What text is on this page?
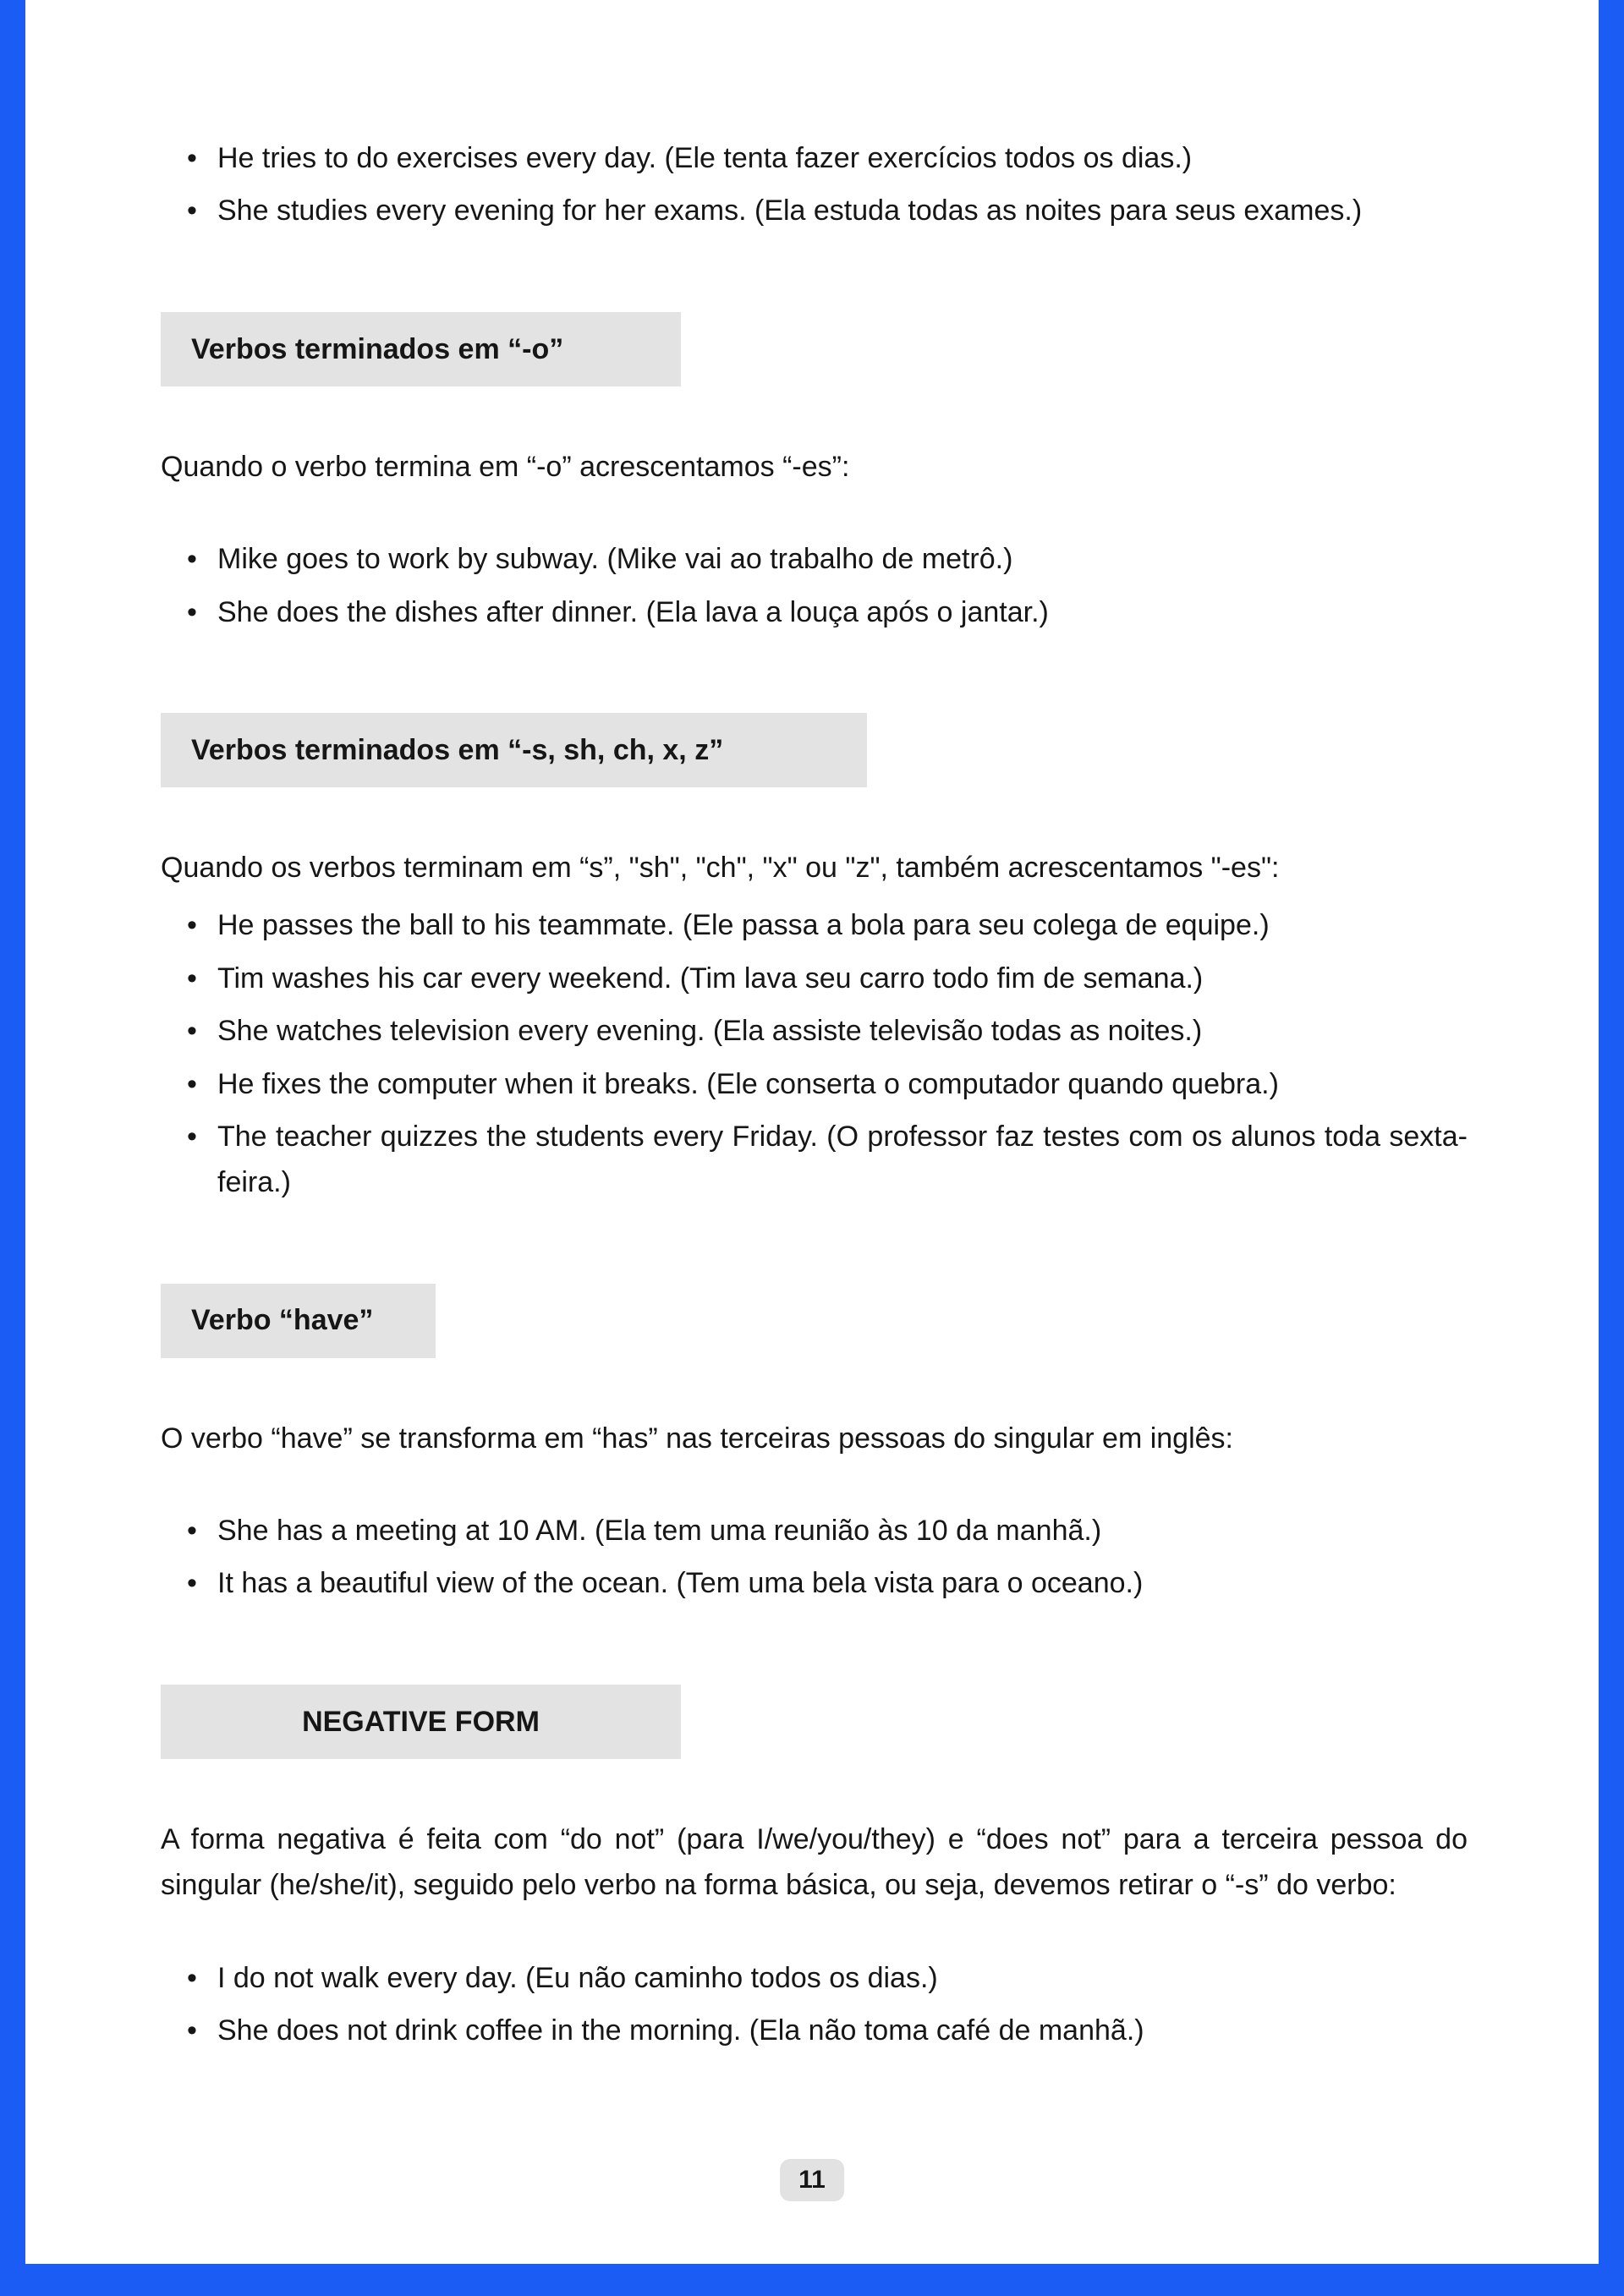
• He tries to do exercises every day. (Ele tenta fazer exercícios todos os dias.)
• She studies every evening for her exams. (Ela estuda todas as noites para seus exames.)
Verbos terminados em “-o”

Quando o verbo termina em “-o” acrescentamos “-es”:

• Mike goes to work by subway. (Mike vai ao trabalho de metrô.)
• She does the dishes after dinner. (Ela lava a louça após o jantar.)
Verbos terminados em “-s, sh, ch, x, z”

Quando os verbos terminam em “s”, "sh", "ch", "x" ou "z", também acrescentamos "-es":

• He passes the ball to his teammate. (Ele passa a bola para seu colega de equipe.)
• Tim washes his car every weekend. (Tim lava seu carro todo fim de semana.)
• She watches television every evening. (Ela assiste televisão todas as noites.)
• He fixes the computer when it breaks. (Ele conserta o computador quando quebra.)
• The teacher quizzes the students every Friday. (O professor faz testes com os alunos toda sexta-feira.)
Verbo “have”

O verbo “have” se transforma em “has” nas terceiras pessoas do singular em inglês:

• She has a meeting at 10 AM. (Ela tem uma reunião às 10 da manhã.)
• It has a beautiful view of the ocean. (Tem uma bela vista para o oceano.)
NEGATIVE FORM

A forma negativa é feita com “do not” (para I/we/you/they) e “does not” para a terceira pessoa do singular (he/she/it), seguido pelo verbo na forma básica, ou seja, devemos retirar o “-s” do verbo:

• I do not walk every day. (Eu não caminho todos os dias.)
• She does not drink coffee in the morning. (Ela não toma café de manhã.)
11
